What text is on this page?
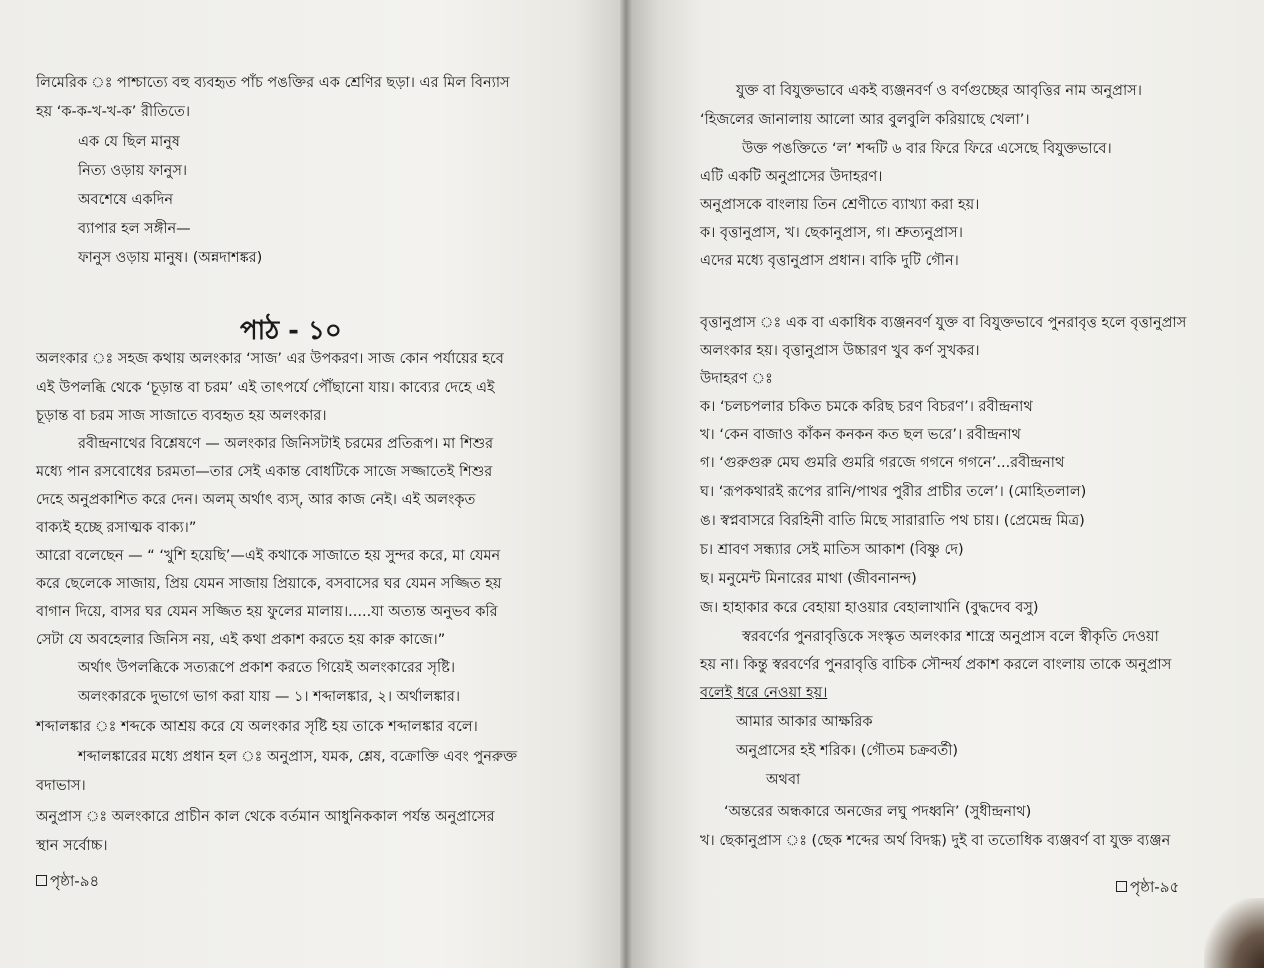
লিমেরিক ঃ পাশ্চাত্যে বহু ব্যবহৃত পাঁচ পঙক্তির এক শ্রেণির ছড়া। এর মিল বিন্যাস
হয় ‘ক-ক-খ-খ-ক’ রীতিতে।
এক যে ছিল মানুষ
নিত্য ওড়ায় ফানুস।
অবশেষে একদিন
ব্যাপার হল সঙ্গীন—
ফানুস ওড়ায় মানুষ। (অন্নদাশঙ্কর)
পাঠ - ১০
অলংকার ঃ সহজ কথায় অলংকার ‘সাজ’ এর উপকরণ। সাজ কোন পর্যায়ের হবে
এই উপলব্ধি থেকে ‘চূড়ান্ত বা চরম’ এই তাৎপর্যে পৌঁছানো যায়। কাব্যের দেহে এই
চূড়ান্ত বা চরম সাজ সাজাতে ব্যবহৃত হয় অলংকার।
রবীন্দ্রনাথের বিশ্লেষণে — অলংকার জিনিসটাই চরমের প্রতিরূপ। মা শিশুর
মধ্যে পান রসবোধের চরমতা—তার সেই একান্ত বোধটিকে সাজে সজ্জাতেই শিশুর
দেহে অনুপ্রকাশিত করে দেন। অলম্ অর্থাৎ ব্যস্, আর কাজ নেই। এই অলংকৃত
বাক্যই হচ্ছে রসাত্মক বাক্য।”
আরো বলেছেন — “ ‘খুশি হয়েছি’—এই কথাকে সাজাতে হয় সুন্দর করে, মা যেমন
করে ছেলেকে সাজায়, প্রিয় যেমন সাজায় প্রিয়াকে, বসবাসের ঘর যেমন সজ্জিত হয়
বাগান দিয়ে, বাসর ঘর যেমন সজ্জিত হয় ফুলের মালায়।.....যা অত্যন্ত অনুভব করি
সেটা যে অবহেলার জিনিস নয়, এই কথা প্রকাশ করতে হয় কারু কাজে।”
অর্থাৎ উপলব্ধিকে সত্যরূপে প্রকাশ করতে গিয়েই অলংকারের সৃষ্টি।
অলংকারকে দুভাগে ভাগ করা যায় — ১। শব্দালঙ্কার, ২। অর্থালঙ্কার।
শব্দালঙ্কার ঃ শব্দকে আশ্রয় করে যে অলংকার সৃষ্টি হয় তাকে শব্দালঙ্কার বলে।
শব্দালঙ্কারের মধ্যে প্রধান হল ঃ অনুপ্রাস, যমক, শ্লেষ, বক্রোক্তি এবং পুনরুক্ত
বদাভাস।
অনুপ্রাস ঃ অলংকারে প্রাচীন কাল থেকে বর্তমান আধুনিককাল পর্যন্ত অনুপ্রাসের
স্থান সর্বোচ্চ।
পৃষ্ঠা-৯৪
যুক্ত বা বিযুক্তভাবে একই ব্যঞ্জনবর্ণ ও বর্ণগুচ্ছের আবৃত্তির নাম অনুপ্রাস।
‘হিজলের জানালায় আলো আর বুলবুলি করিয়াছে খেলা’।
উক্ত পঙক্তিতে ‘ল’ শব্দটি ৬ বার ফিরে ফিরে এসেছে বিযুক্তভাবে।
এটি একটি অনুপ্রাসের উদাহরণ।
অনুপ্রাসকে বাংলায় তিন শ্রেণীতে ব্যাখ্যা করা হয়।
ক। বৃত্তানুপ্রাস, খ। ছেকানুপ্রাস, গ। শ্রুত্যনুপ্রাস।
এদের মধ্যে বৃত্তানুপ্রাস প্রধান। বাকি দুটি গৌন।
বৃত্তানুপ্রাস ঃ এক বা একাধিক ব্যঞ্জনবর্ণ যুক্ত বা বিযুক্তভাবে পুনরাবৃত্ত হলে বৃত্তানুপ্রাস
অলংকার হয়। বৃত্তানুপ্রাস উচ্চারণ খুব কর্ণ সুখকর।
উদাহরণ ঃ
ক। ‘চলচপলার চকিত চমকে করিছ চরণ বিচরণ’। রবীন্দ্রনাথ
খ। ‘কেন বাজাও কাঁকন কনকন কত ছল ভরে’। রবীন্দ্রনাথ
গ। ‘গুরুগুরু মেঘ গুমরি গুমরি গরজে গগনে গগনে’...রবীন্দ্রনাথ
ঘ। ‘রূপকথারই রূপের রানি/পাথর পুরীর প্রাচীর তলে’। (মোহিতলাল)
ঙ। স্বপ্নবাসরে বিরহিনী বাতি মিছে সারারাতি পথ চায়। (প্রেমেন্দ্র মিত্র)
চ। শ্রাবণ সন্ধ্যার সেই মাতিস আকাশ (বিষ্ণু দে)
ছ। মনুমেন্ট মিনারের মাথা (জীবনানন্দ)
জ। হাহাকার করে বেহায়া হাওয়ার বেহালাখানি (বুদ্ধদেব বসু)
স্বরবর্ণের পুনরাবৃত্তিকে সংস্কৃত অলংকার শাস্ত্রে অনুপ্রাস বলে স্বীকৃতি দেওয়া
হয় না। কিন্তু স্বরবর্ণের পুনরাবৃত্তি বাচিক সৌন্দর্য প্রকাশ করলে বাংলায় তাকে অনুপ্রাস
বলেই ধরে নেওয়া হয়।
আমার আকার আক্ষরিক
অনুপ্রাসের হই শরিক। (গৌতম চক্রবর্তী)
অথবা
‘অন্তরের অন্ধকারে অনজের লঘু পদধ্বনি’ (সুধীন্দ্রনাথ)
খ। ছেকানুপ্রাস ঃ (ছেক শব্দের অর্থ বিদগ্ধ) দুই বা ততোধিক ব্যঞ্জবর্ণ বা যুক্ত ব্যঞ্জন
পৃষ্ঠা-৯৫
